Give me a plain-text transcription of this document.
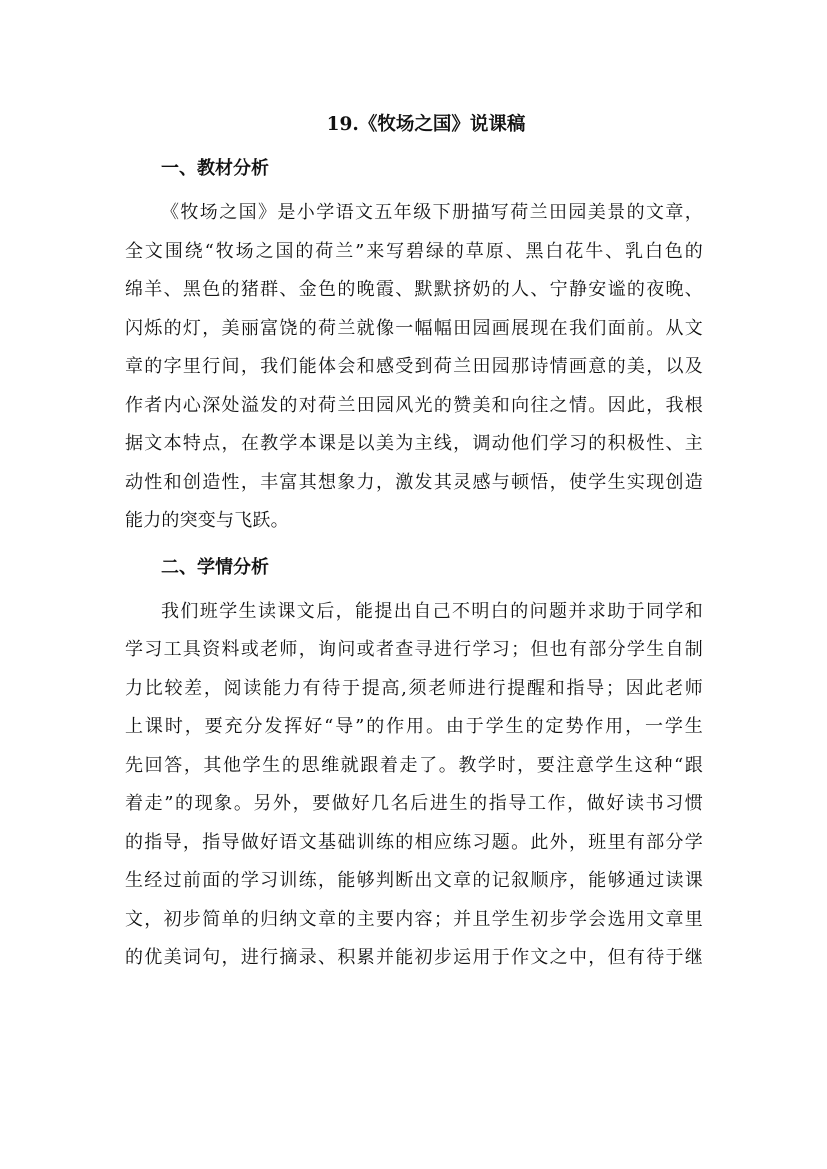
19.《牧场之国》说课稿
一、教材分析
《牧场之国》是小学语文五年级下册描写荷兰田园美景的文章，
全文围绕“牧场之国的荷兰”来写碧绿的草原、黑白花牛、乳白色的
绵羊、黑色的猪群、金色的晚霞、默默挤奶的人、宁静安谧的夜晚、
闪烁的灯，美丽富饶的荷兰就像一幅幅田园画展现在我们面前。从文
章的字里行间，我们能体会和感受到荷兰田园那诗情画意的美，以及
作者内心深处溢发的对荷兰田园风光的赞美和向往之情。因此，我根
据文本特点，在教学本课是以美为主线，调动他们学习的积极性、主
动性和创造性，丰富其想象力，激发其灵感与顿悟，使学生实现创造
能力的突变与飞跃。
二、学情分析
我们班学生读课文后，能提出自己不明白的问题并求助于同学和
学习工具资料或老师，询问或者查寻进行学习；但也有部分学生自制
力比较差，阅读能力有待于提高,须老师进行提醒和指导；因此老师
上课时，要充分发挥好“导”的作用。由于学生的定势作用，一学生
先回答，其他学生的思维就跟着走了。教学时，要注意学生这种“跟
着走”的现象。另外，要做好几名后进生的指导工作，做好读书习惯
的指导，指导做好语文基础训练的相应练习题。此外，班里有部分学
生经过前面的学习训练，能够判断出文章的记叙顺序，能够通过读课
文，初步简单的归纳文章的主要内容；并且学生初步学会选用文章里
的优美词句，进行摘录、积累并能初步运用于作文之中，但有待于继
